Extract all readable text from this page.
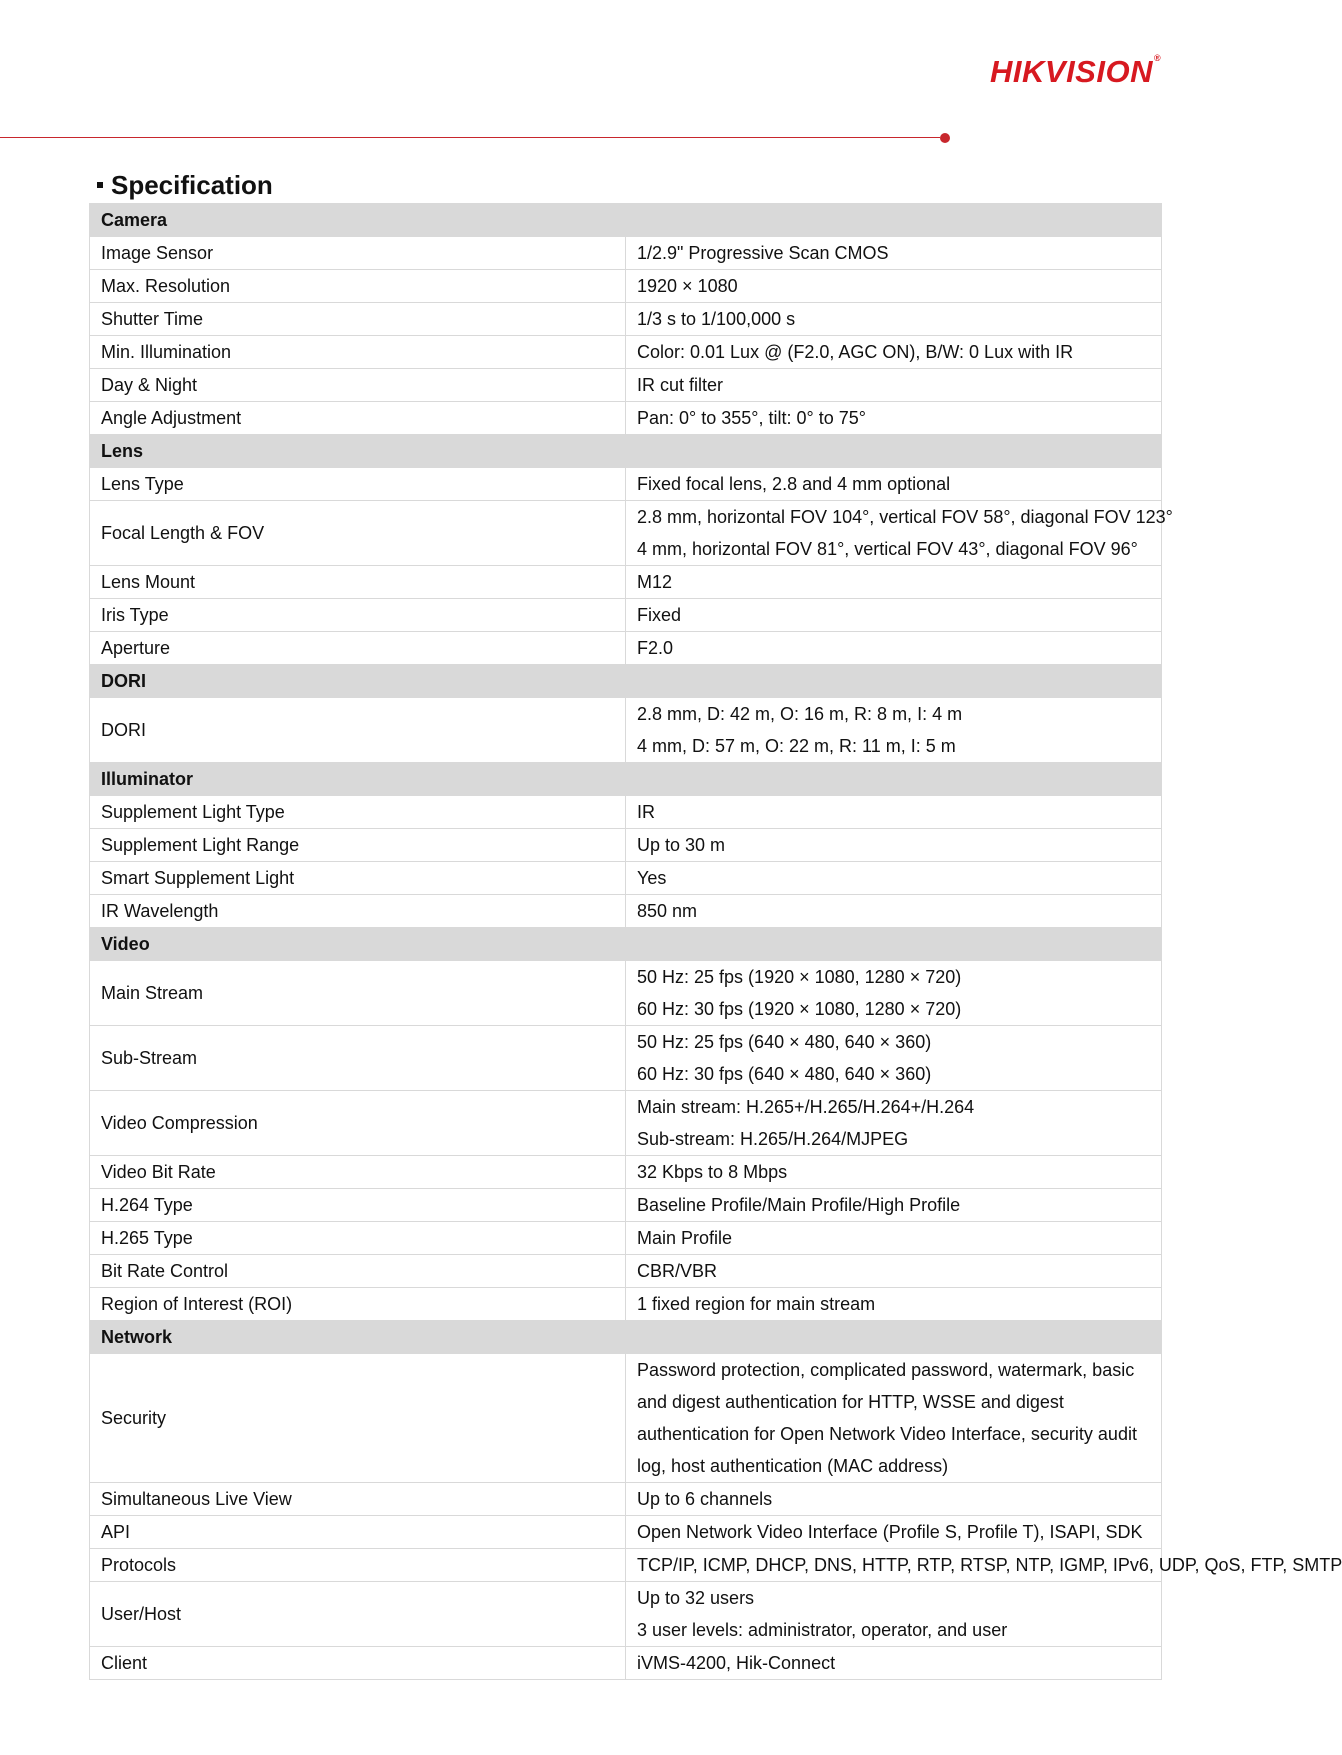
HIKVISION®
Specification
Camera	
Image Sensor	1/2.9" Progressive Scan CMOS

Max. Resolution	1920 × 1080

Shutter Time	1/3 s to 1/100,000 s

Min. Illumination	Color: 0.01 Lux @ (F2.0, AGC ON), B/W: 0 Lux with IR

Day & Night	IR cut filter

Angle Adjustment	Pan: 0° to 355°, tilt: 0° to 75°

Lens	
Lens Type	Fixed focal lens, 2.8 and 4 mm optional

Focal Length & FOV	2.8 mm, horizontal FOV 104°, vertical FOV 58°, diagonal FOV 123°
4 mm, horizontal FOV 81°, vertical FOV 43°, diagonal FOV 96°

Lens Mount	M12

Iris Type	Fixed

Aperture	F2.0

DORI	
DORI	2.8 mm, D: 42 m, O: 16 m, R: 8 m, I: 4 m
4 mm, D: 57 m, O: 22 m, R: 11 m, I: 5 m

Illuminator	
Supplement Light Type	IR

Supplement Light Range	Up to 30 m

Smart Supplement Light	Yes

IR Wavelength	850 nm

Video	
Main Stream	50 Hz: 25 fps (1920 × 1080, 1280 × 720)
60 Hz: 30 fps (1920 × 1080, 1280 × 720)

Sub-Stream	50 Hz: 25 fps (640 × 480, 640 × 360)
60 Hz: 30 fps (640 × 480, 640 × 360)

Video Compression	Main stream: H.265+/H.265/H.264+/H.264
Sub-stream: H.265/H.264/MJPEG

Video Bit Rate	32 Kbps to 8 Mbps

H.264 Type	Baseline Profile/Main Profile/High Profile

H.265 Type	Main Profile

Bit Rate Control	CBR/VBR

Region of Interest (ROI)	1 fixed region for main stream

Network	
Security	Password protection, complicated password, watermark, basic and digest authentication for HTTP, WSSE and digest authentication for Open Network Video Interface, security audit log, host authentication (MAC address)

Simultaneous Live View	Up to 6 channels

API	Open Network Video Interface (Profile S, Profile T), ISAPI, SDK

Protocols	TCP/IP, ICMP, DHCP, DNS, HTTP, RTP, RTSP, NTP, IGMP, IPv6, UDP, QoS, FTP, SMTP

User/Host	Up to 32 users
3 user levels: administrator, operator, and user

Client	iVMS-4200, Hik-Connect
